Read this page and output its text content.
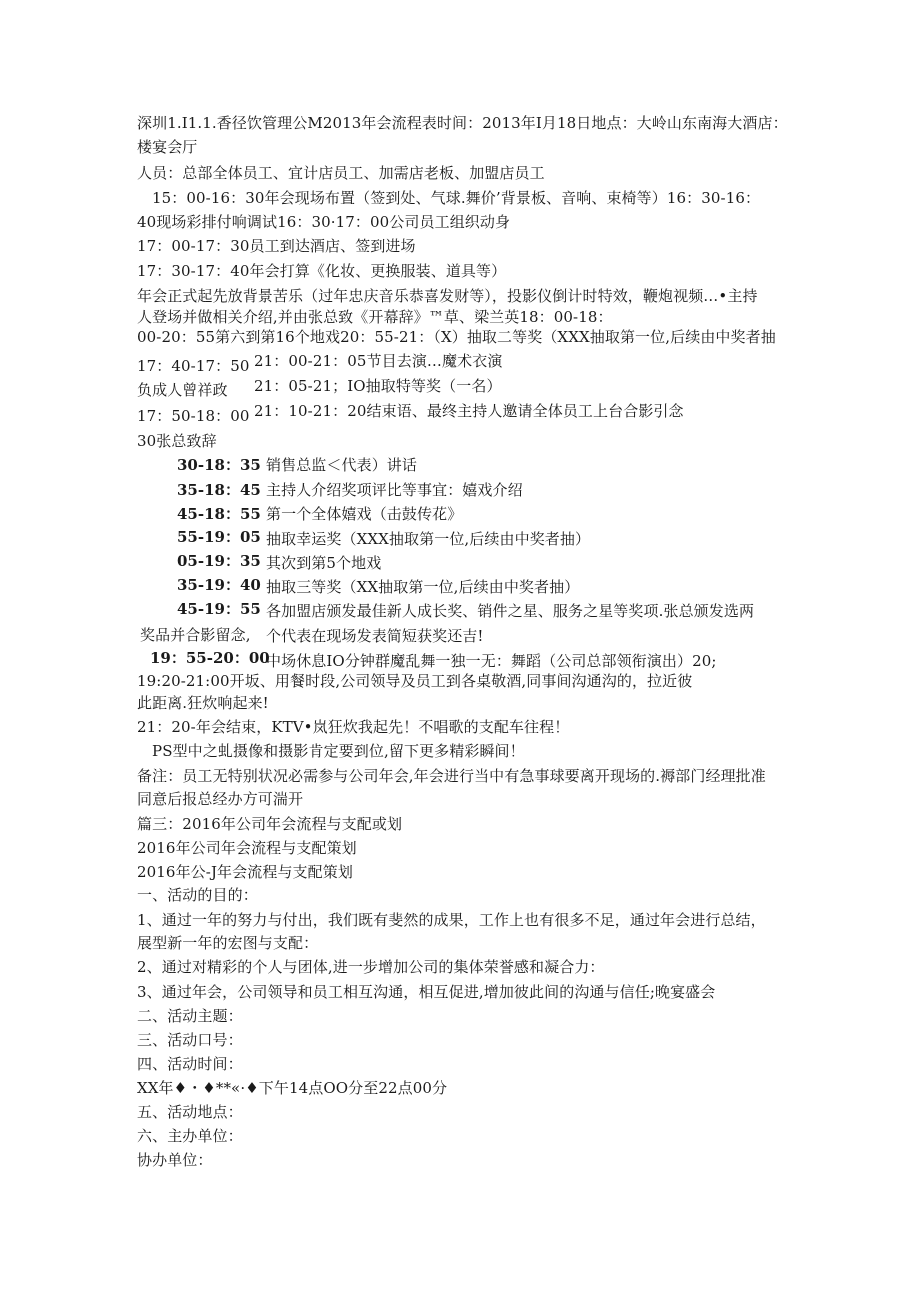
深圳1.I1.1.香径饮管理公M2013年会流程表时间：2013年I月18日地点：大岭山东南海大酒店：
楼宴会厅
人员：总部全体员工、宜计店员工、加需店老板、加盟店员工
15：00-16：30年会现场布置（签到处、气球.舞价’背景板、音响、束椅等）16：30-16：
40现场彩排付响调试16：30·17：00公司员工组织动身
17：00-17：30员工到达酒店、签到进场
17：30-17：40年会打算《化妆、更换服装、道具等）
年会正式起先放背景苦乐（过年忠庆音乐恭喜发财等），投影仪倒计时特效，鞭炮视频…•主持
人登场并做相关介绍,并由张总致《开幕辞》™草、梁兰英18：00-18：
00-20：55第六到第16个地戏20：55-21：（X）抽取二等奖（XXX抽取第一位,后续由中奖者抽
17：40-17：50 21：00-21：05节目去演…魔术衣演
负成人曾祥政 21：05-21；IO抽取特等奖（一名）
17：50-18：00 21：10-21：20结束语、最终主持人邀请全体员工上台合影引念
30张总致辞
30-18：35 销售总监＜代表）讲话
35-18：45 主持人介绍奖项评比等事宜：嬉戏介绍
45-18：55 第一个全体嬉戏（击鼓传花》
55-19：05 抽取幸运奖（XXX抽取第一位,后续由中奖者抽）
05-19：35 其次到第5个地戏
35-19：40 抽取三等奖（XX抽取第一位,后续由中奖者抽）
45-19：55 各加盟店颁发最佳新人成长奖、销件之星、服务之星等奖项.张总颁发选两
奖品并合影留念, 个代表在现场发表简短获奖还吉!
19：55-20：00
中场休息IO分钟群魔乱舞一独一无：舞蹈（公司总部领衔演出）20;
19:20-21:00开坂、用餐时段,公司领导及员工到各桌敬酒,同事间沟通沟的，拉近彼
此距离.狂炊响起来!
21：20-年会结束，KTV•岚狂炊我起先！不唱歌的支配车往程！
PS型中之虬摄像和摄影肯定要到位,留下更多精彩瞬间！
备注：员工无特别状况必需参与公司年会,年会进行当中有急事球要离开现场的.褥部门经理批准
同意后报总经办方可湍开
篇三：2016年公司年会流程与支配或划
2016年公司年会流程与支配策划
2016年公-J年会流程与支配策划
一、活动的目的：
1、通过一年的努力与付出，我们既有斐然的成果，工作上也有很多不足，通过年会进行总结，
展型新一年的宏图与支配：
2、通过对精彩的个人与团体,进一步增加公司的集体荣誉感和凝合力：
3、通过年会，公司领导和员工相互沟通，相互促进,增加彼此间的沟通与信任;晚宴盛会
二、活动主题：
三、活动口号：
四、活动时间：
XX年♦・♦**«·♦下午14点OO分至22点00分
五、活动地点：
六、主办单位：
协办单位：
